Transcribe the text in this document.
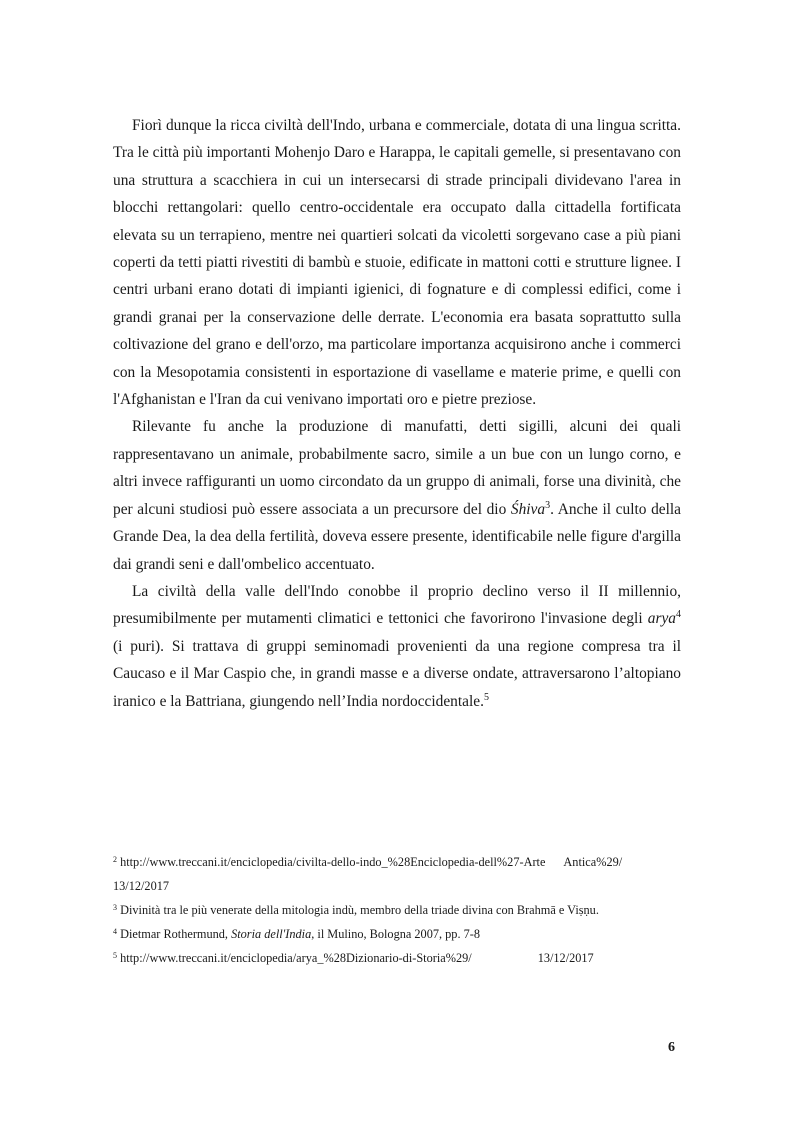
Fiorì dunque la ricca civiltà dell'Indo, urbana e commerciale, dotata di una lingua scritta. Tra le città più importanti Mohenjo Daro e Harappa, le capitali gemelle, si presentavano con una struttura a scacchiera in cui un intersecarsi di strade principali dividevano l'area in blocchi rettangolari: quello centro-occidentale era occupato dalla cittadella fortificata elevata su un terrapieno, mentre nei quartieri solcati da vicoletti sorgevano case a più piani coperti da tetti piatti rivestiti di bambù e stuoie, edificate in mattoni cotti e strutture lignee. I centri urbani erano dotati di impianti igienici, di fognature e di complessi edifici, come i grandi granai per la conservazione delle derrate. L'economia era basata soprattutto sulla coltivazione del grano e dell'orzo, ma particolare importanza acquisirono anche i commerci con la Mesopotamia consistenti in esportazione di vasellame e materie prime, e quelli con l'Afghanistan e l'Iran da cui venivano importati oro e pietre preziose.

Rilevante fu anche la produzione di manufatti, detti sigilli, alcuni dei quali rappresentavano un animale, probabilmente sacro, simile a un bue con un lungo corno, e altri invece raffiguranti un uomo circondato da un gruppo di animali, forse una divinità, che per alcuni studiosi può essere associata a un precursore del dio Śhiva$^3$. Anche il culto della Grande Dea, la dea della fertilità, doveva essere presente, identificabile nelle figure d'argilla dai grandi seni e dall'ombelico accentuato.

La civiltà della valle dell'Indo conobbe il proprio declino verso il II millennio, presumibilmente per mutamenti climatici e tettonici che favorirono l'invasione degli arya$^4$ (i puri). Si trattava di gruppi seminomadi provenienti da una regione compresa tra il Caucaso e il Mar Caspio che, in grandi masse e a diverse ondate, attraversarono l’altopiano iranico e la Battriana, giungendo nell’India nordoccidentale.$^5$

$^2$ http://www.treccani.it/enciclopedia/civilta-dello-indo_%28Enciclopedia-dell%27-Arte Antica%29/
13/12/2017
$^3$ Divinità tra le più venerate della mitologia indù, membro della triade divina con Brahmā e Viṣṇu.
$^4$ Dietmar Rothermund, Storia dell'India, il Mulino, Bologna 2007, pp. 7-8
$^5$ http://www.treccani.it/enciclopedia/arya_%28Dizionario-di-Storia%29/	13/12/2017
6
